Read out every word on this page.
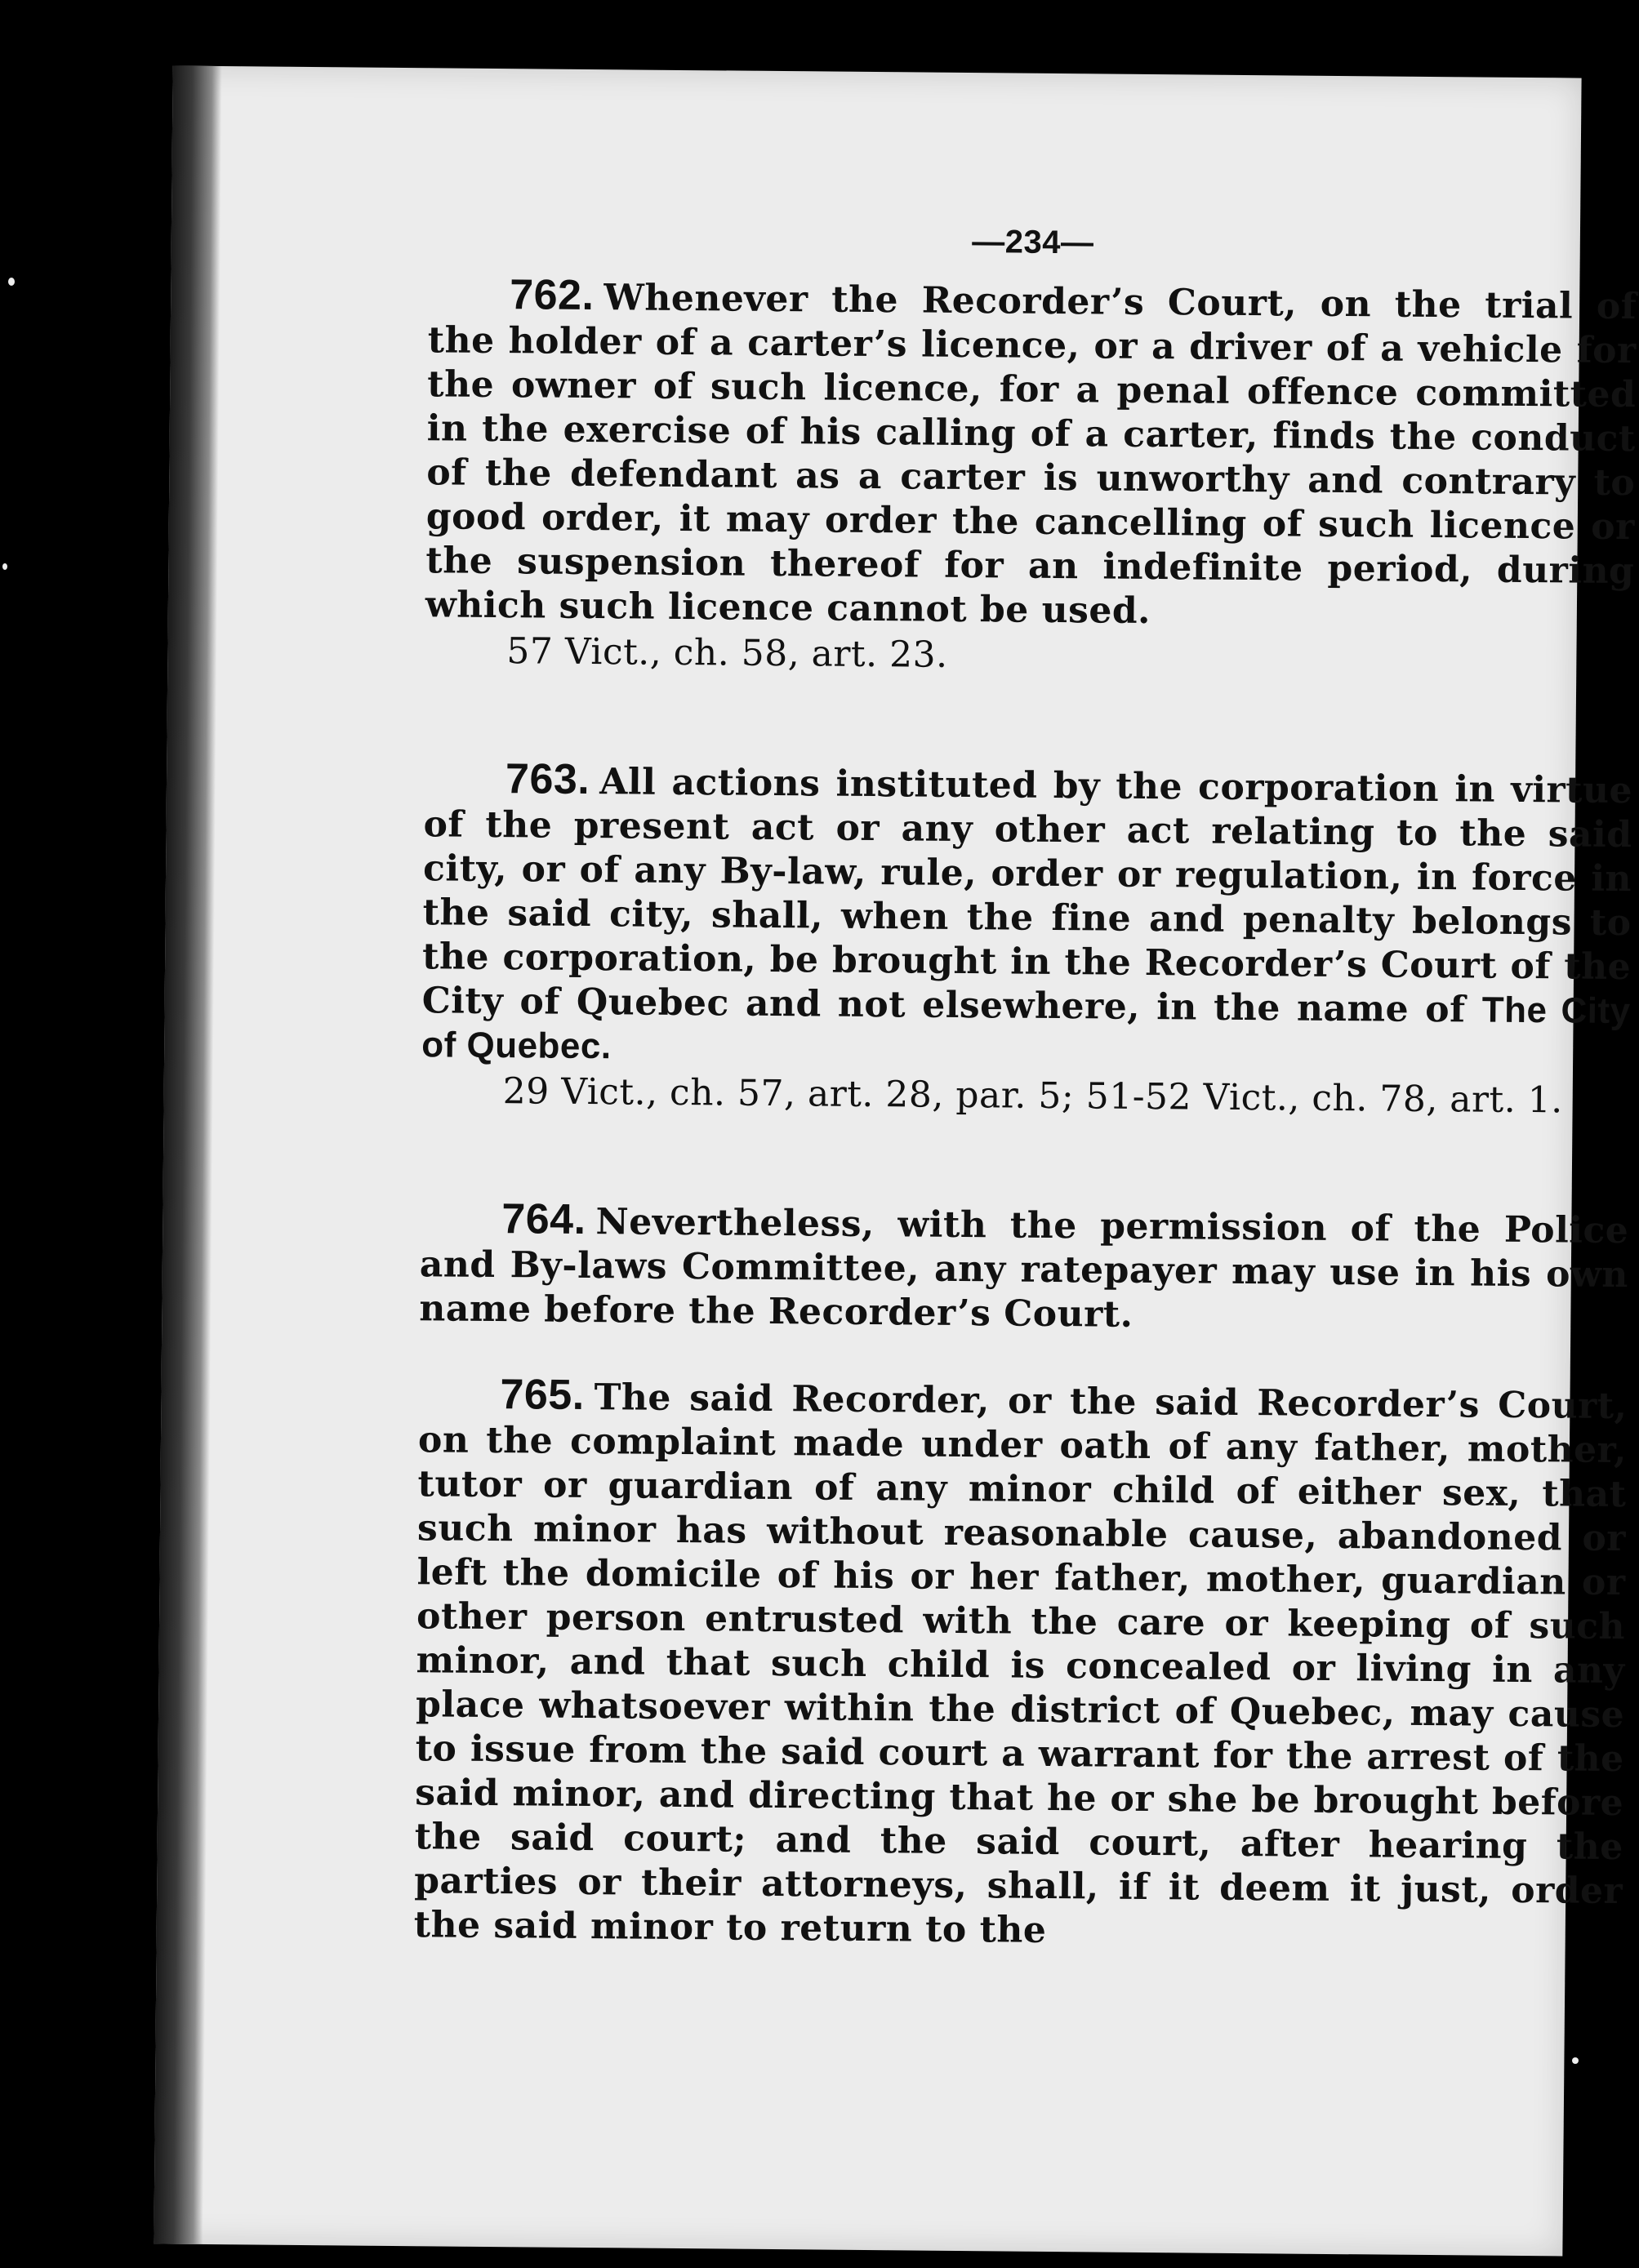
—234—

762. Whenever the Recorder’s Court, on the trial of the holder of a carter’s licence, or a driver of a vehicle for the owner of such licence, for a penal offence committed in the exercise of his calling of a carter, finds the conduct of the defendant as a carter is unworthy and contrary to good order, it may order the cancelling of such licence or the suspension thereof for an indefinite period, during which such licence cannot be used.

57 Vict., ch. 58, art. 23.

763. All actions instituted by the corporation in virtue of the present act or any other act relating to the said city, or of any By-law, rule, order or regulation, in force in the said city, shall, when the fine and penalty belongs to the corporation, be brought in the Recorder’s Court of the City of Quebec and not elsewhere, in the name of The City of Quebec.

29 Vict., ch. 57, art. 28, par. 5; 51-52 Vict., ch. 78, art. 1.

764. Nevertheless, with the permission of the Police and By-laws Committee, any ratepayer may use in his own name before the Recorder’s Court.

765. The said Recorder, or the said Recorder’s Court, on the complaint made under oath of any father, mother, tutor or guardian of any minor child of either sex, that such minor has without reasonable cause, abandoned or left the domicile of his or her father, mother, guardian or other person entrusted with the care or keeping of such minor, and that such child is concealed or living in any place whatsoever within the district of Quebec, may cause to issue from the said court a warrant for the arrest of the said minor, and directing that he or she be brought before the said court; and the said court, after hearing the parties or their attorneys, shall, if it deem it just, order the said minor to return to the
